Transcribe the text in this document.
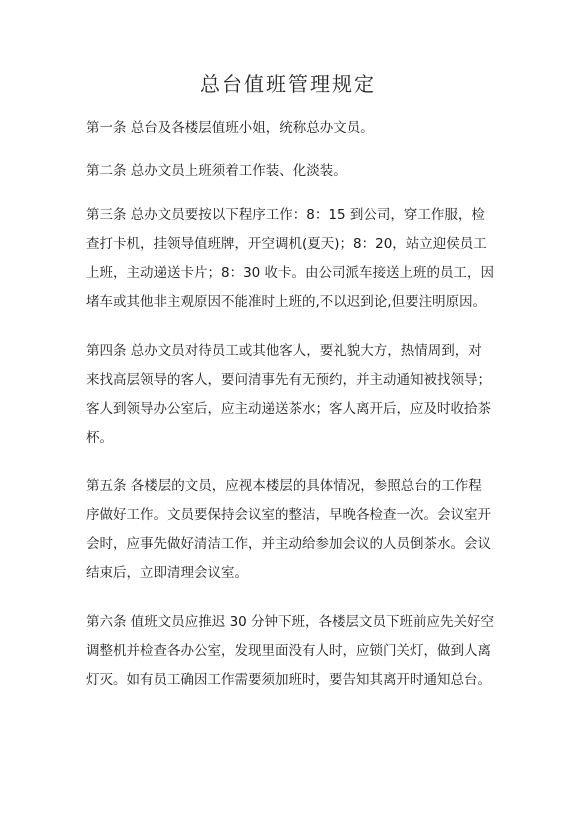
总台值班管理规定
第一条 总台及各楼层值班小姐，统称总办文员。
第二条 总办文员上班须着工作装、化淡装。
第三条 总办文员要按以下程序工作：8：15 到公司，穿工作服，检
查打卡机，挂领导值班牌，开空调机(夏天)；8：20，站立迎侯员工
上班，主动递送卡片；8：30 收卡。由公司派车接送上班的员工，因
堵车或其他非主观原因不能准时上班的,不以迟到论,但要注明原因。
第四条 总办文员对待员工或其他客人，要礼貌大方，热情周到，对
来找高层领导的客人，要问清事先有无预约，并主动通知被找领导；
客人到领导办公室后，应主动递送茶水；客人离开后，应及时收拾茶
杯。
第五条 各楼层的文员，应视本楼层的具体情况，参照总台的工作程
序做好工作。文员要保持会议室的整洁，早晚各检查一次。会议室开
会时，应事先做好清洁工作，并主动给参加会议的人员倒茶水。会议
结束后，立即清理会议室。
第六条 值班文员应推迟 30 分钟下班，各楼层文员下班前应先关好空
调整机并检查各办公室，发现里面没有人时，应锁门关灯，做到人离
灯灭。如有员工确因工作需要须加班时，要告知其离开时通知总台。
